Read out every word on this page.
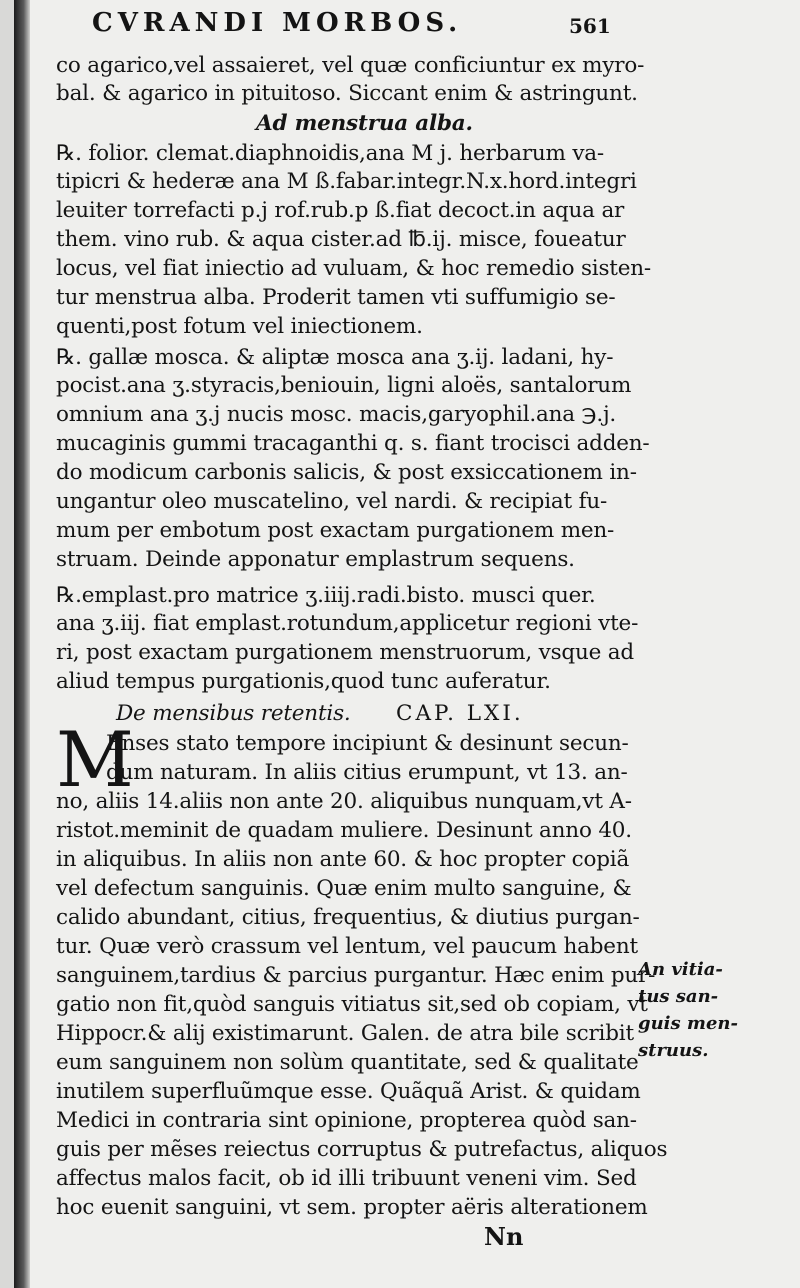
CVRANDI MORBOS.	561
co agarico,vel assaieret, vel quæ conficiuntur ex myro-
bal. & agarico in pituitoso. Siccant enim & astringunt.
Ad menstrua alba.
℞. folior. clemat.diaphnoidis,ana M j. herbarum va-
tipicri & hederæ ana M ß.fabar.integr.N.x.hord.integri
leuiter torrefacti p.j rof.rub.p ß.fiat decoct.in aqua ar
them. vino rub. & aqua cister.ad ℔.ij. misce, foueatur
locus, vel fiat iniectio ad vuluam, & hoc remedio sisten-
tur menstrua alba. Proderit tamen vti suffumigio se-
quenti,post fotum vel iniectionem.
℞. gallæ mosca. & aliptæ mosca ana ʒ.ij. ladani, hy-
pocist.ana ʒ.styracis,beniouin, ligni aloës, santalorum
omnium ana ʒ.j nucis mosc. macis,garyophil.ana ℈.j.
mucaginis gummi tracaganthi q. s. fiant trocisci adden-
do modicum carbonis salicis, & post exsiccationem in-
ungantur oleo muscatelino, vel nardi. & recipiat fu-
mum per embotum post exactam purgationem men-
struam. Deinde apponatur emplastrum sequens.
℞.emplast.pro matrice ʒ.iiij.radi.bisto. musci quer.
ana ʒ.iij. fiat emplast.rotundum,applicetur regioni vte-
ri, post exactam purgationem menstruorum, vsque ad
aliud tempus purgationis,quod tunc auferatur.
De mensibus retentis. CAP. LXI.
Enses stato tempore incipiunt & desinunt secun-
dum naturam. In aliis citius erumpunt, vt 13. an-
no, aliis 14.aliis non ante 20. aliquibus nunquam,vt A-
ristot.meminit de quadam muliere. Desinunt anno 40.
in aliquibus. In aliis non ante 60. & hoc propter copiã
vel defectum sanguinis. Quæ enim multo sanguine, &
calido abundant, citius, frequentius, & diutius purgan-
tur. Quæ verò crassum vel lentum, vel paucum habent
sanguinem,tardius & parcius purgantur. Hæc enim pur-
gatio non fit,quòd sanguis vitiatus sit,sed ob copiam, vt
Hippocr.& alij existimarunt. Galen. de atra bile scribit
eum sanguinem non solùm quantitate, sed & qualitate
inutilem superfluũmque esse. Quãquã Arist. & quidam
Medici in contraria sint opinione, propterea quòd san-
guis per mẽses reiectus corruptus & putrefactus, aliquos
affectus malos facit, ob id illi tribuunt veneni vim. Sed
hoc euenit sanguini, vt sem. propter aëris alterationem
M
An vitia-
tus san-
guis men-
struus.
Nn
